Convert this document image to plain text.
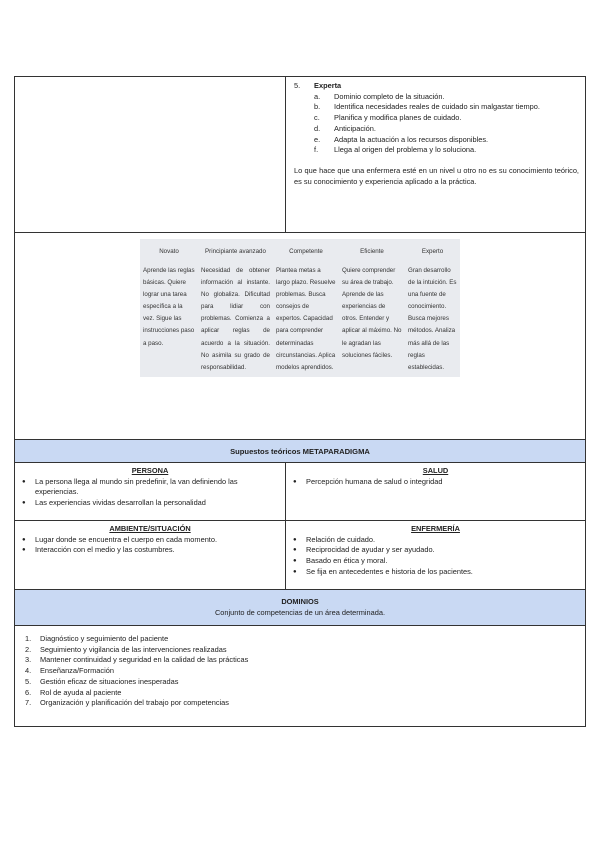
5.	Experta
a.	Dominio completo de la situación.
b.	Identifica necesidades reales de cuidado sin malgastar tiempo.
c.	Planifica y modifica planes de cuidado.
d.	Anticipación.
e.	Adapta la actuación a los recursos disponibles.
f.	Llega al origen del problema y lo soluciona.

Lo que hace que una enfermera esté en un nivel u otro no es su conocimiento teórico, es su conocimiento y experiencia aplicado a la práctica.

Novato	Principiante avanzado	Competente	Eficiente	Experto
Aprende las reglas básicas. Quiere lograr una tarea específica a la vez. Sigue las instrucciones paso a paso.	Necesidad de obtener información al instante. No globaliza. Dificultad para lidiar con problemas. Comienza a aplicar reglas de acuerdo a la situación. No asimila su grado de responsabilidad.	Plantea metas a largo plazo. Resuelve problemas. Busca consejos de expertos. Capacidad para comprender determinadas circunstancias. Aplica modelos aprendidos.	Quiere comprender su área de trabajo. Aprende de las experiencias de otros. Entender y aplicar al máximo. No le agradan las soluciones fáciles.	Gran desarrollo de la intuición. Es una fuente de conocimiento. Busca mejores métodos. Analiza más allá de las reglas establecidas.
Supuestos teóricos METAPARADIGMA
PERSONA
●	La persona llega al mundo sin predefinir, la van definiendo las experiencias.
●	Las experiencias vividas desarrollan la personalidad
SALUD
●	Percepción humana de salud o integridad
AMBIENTE/SITUACIÓN
●	Lugar donde se encuentra el cuerpo en cada momento.
●	Interacción con el medio y las costumbres.
ENFERMERÍA
●	Relación de cuidado.
●	Reciprocidad de ayudar y ser ayudado.
●	Basado en ética y moral.
●	Se fija en antecedentes e historia de los pacientes.
DOMINIOS
Conjunto de competencias de un área determinada.
1.	Diagnóstico y seguimiento del paciente
2.	Seguimiento y vigilancia de las intervenciones realizadas
3.	Mantener continuidad y seguridad en la calidad de las prácticas
4.	Enseñanza/Formación
5.	Gestión eficaz de situaciones inesperadas
6.	Rol de ayuda al paciente
7.	Organización y planificación del trabajo por competencias
